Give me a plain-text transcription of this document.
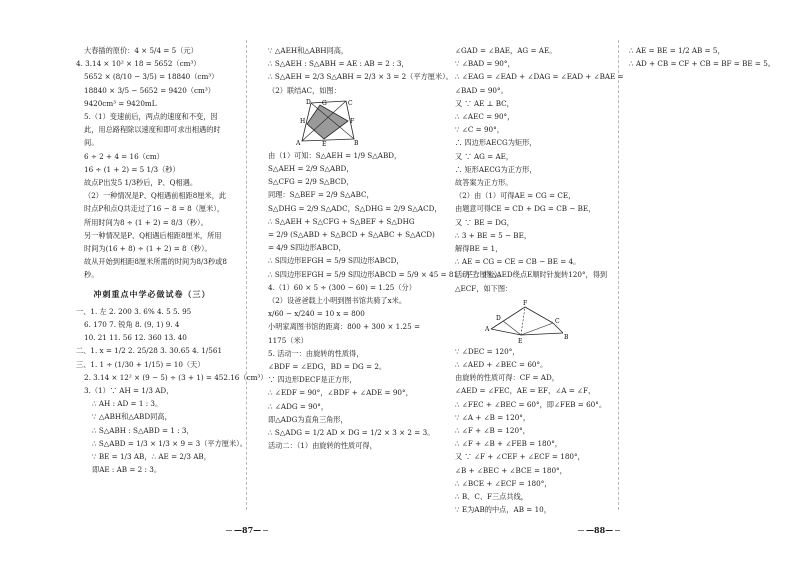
大春插的原价：4 × 5/4 = 5（元）
4. 3.14 × 10² × 18 = 5652（cm³）
5652 × (8/10 − 3/5) = 18840（cm³）
18840 × 3/5 − 5652 = 9420（cm³）
9420cm³ = 9420mL
5.（1）变速前后，两点的速度和不变，因此，用总路程除以速度和即可求出相遇的时间。
6 ÷ 2 + 4 = 16（cm）
16 ÷ (1 + 2) = 5 1/3（秒）
故点P出发5 1/3秒后，P、Q相遇。
（2）一种情况是P、Q相遇前相距8厘米，此时点P和点Q共走过了16 − 8 = 8（厘米），所用时间为8 ÷ (1 + 2) = 8/3（秒）。
另一种情况是P、Q相遇后相距8厘米，所用时间为(16 + 8) ÷ (1 + 2) = 8（秒）。
故从开始到相距8厘米所需的时间为8/3秒或8秒。
冲刺重点中学必做试卷（三）
一、1. 左 2. 200 3. 6% 4. 5 5. 95
6. 170 7. 锐角 8. (9, 1) 9. 4
10. 21 11. 56 12. 360 13. 40
二、1. x = 1/2 2. 25/28 3. 30.65 4. 1/561
三、1. 1 ÷ (1/30 + 1/15) = 10（天）
2. 3.14 × 12² × (9 − 5) ÷ (3 + 1) = 452.16（cm³）
3.（1）∵ AH = 1/3 AD，
∴ AH : AD = 1 : 3。
∵ △ABH和△ABD同高，
∴ S△ABH : S△ABD = 1 : 3，
∴ S△ABD = 1/3 × 1/3 × 9 = 3（平方厘米）。
∵ BE = 1/3 AB，∴ AE = 2/3 AB，
即AE : AB = 2 : 3。
∵ △AEH和△ABH同高，
∴ S△AEH : S△ABH = AE : AB = 2 : 3，
∴ S△AEH = 2/3 S△ABH = 2/3 × 3 = 2（平方厘米）。
（2）联结AC，如图：
A	B
C
D
E
F
G
H
由（1）可知：S△AEH = 1/9 S△ABD，
S△AEH = 2/9 S△ABD，
S△CFG = 2/9 S△BCD，
同理：S△BEF = 2/9 S△ABC，
S△DHG = 2/9 S△ADC，S△DHG = 2/9 S△ACD，
∴ S△AEH + S△CFG + S△BEF + S△DHG
= 2/9 (S△ABD + S△BCD + S△ABC + S△ACD)
= 4/9 S四边形ABCD，
∴ S四边形EFGH = 5/9 S四边形ABCD，
∴ S四边形EFGH = 5/9 S四边形ABCD = 5/9 × 45 = 81（平方厘米）。
4.（1）60 × 5 ÷ (300 − 60) = 1.25（分）
（2）设爸爸载上小明到图书馆共骑了x米。
x/60 − x/240 = 10 x = 800
小明家离图书馆的距离：800 + 300 × 1.25 = 1175（米）
5. 活动一：由旋转的性质得，
∠BDF = ∠EDG，BD = DG = 2。
∵ 四边形DECF是正方形，
∴ ∠EDF = 90°，∠BDF + ∠ADE = 90°，
∴ ∠ADG = 90°，
即△ADG为直角三角形，
∴ S△ADG = 1/2 AD × DG = 1/2 × 3 × 2 = 3。
活动二：（1）由旋转的性质可得，
∠GAD = ∠BAE，AG = AE。
∵ ∠BAD = 90°，
∴ ∠EAG = ∠EAD + ∠DAG = ∠EAD + ∠BAE =
∠BAD = 90°。
又 ∵ AE ⊥ BC，
∴ ∠AEC = 90°，
∵ ∠C = 90°，
∴ 四边形AECG为矩形，
又 ∵ AG = AE，
∴ 矩形AECG为正方形，
故答案为正方形。
（2）由（1）可得AE = CG = CE，
由题意可得CE = CD + DG = CB − BE，
又 ∵ BE = DG，
∴ 3 + BE = 5 − BE，
解得BE = 1，
∴ AE = CG = CE = CB − BE = 4。
活动三：将△AED绕点E顺时针旋转120°，得到△ECF，如下图：
A
B
C
D
E
F
∵ ∠DEC = 120°，
∴ ∠AED + ∠BEC = 60°。
由旋转的性质可得：CF = AD，
∠AED = ∠FEC，AE = EF，∠A = ∠F，
∴ ∠FEC + ∠BEC = 60°，即∠FEB = 60°。
∵ ∠A + ∠B = 120°，
∴ ∠F + ∠B = 120°，
∴ ∠F + ∠B + ∠FEB = 180°，
又 ∵ ∠F + ∠CEF + ∠ECF = 180°，
∠B + ∠BEC + ∠BCE = 180°，
∴ ∠BCE + ∠ECF = 180°，
∴ B、C、F三点共线，
∵ E为AB的中点，AB = 10，
∴ AE = BE = 1/2 AB = 5，
∴ AD + CB = CF + CB = BF = BE = 5。
—87—	—88—
